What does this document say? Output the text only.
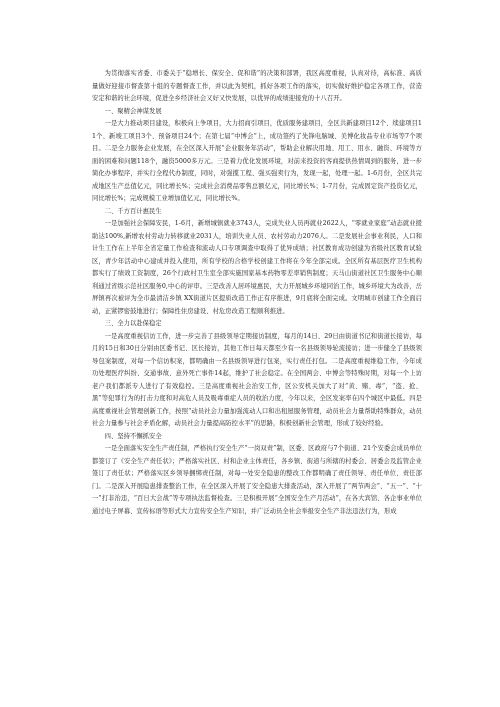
为贯彻落实省委、市委关于“稳增长、保安全、促和谐”的决策和部署，我区高度重视，认真对待，高标准、高质量做好迎接市督查第十组的专题督查工作，并以此为契机，抓好各项工作的落实，切实做好维护稳定各项工作，营造安定和谐的社会环境，促进全乡经济社会又好又快发展，以优异的成绩迎接党的十八召开。

一、聚精会神谋发展

一是大力推动项目建设，积极向上争项目，大力招商引项目，优质服务建项目，全区共新建项目12个、续建项目11个、新竣工项目3个、预备项目24个；在第七届“中博会”上，成功签约了先锋电脑城、美博化妆品专业市场等7个项目。二是全力服务企业发展，在全区深入开展“企业服务年活动”，帮助企业解决用地、用工、用水、融资、环境等方面的困难和问题118个，融资5000多万元。三是着力优化发展环境，对前来投资的客商提供热情周到的服务，进一步简化办事程序，并实行全程代办制度，同时，对强揽工程、强买强卖行为，发现一起，处理一起。1-6月份，全区共完成地区生产总值亿元，同比增长%；完成社会消费品零售总额亿元，同比增长%；1-7月份，完成固定资产投资亿元，同比增长%；完成规模工业增加值亿元，同比增长%。

二、千方百计惠民生

一是加强社会保障安民，1-6月，新增城镇就业3743人，完成失业人员再就业2622人，“零就业家庭”动态就业援助达100%,新增农村劳动力转移就业2031人，培训失业人员、农村劳动力2076人。二是发展社会事业利民，人口和计生工作在上半年全省定量工作检查和流动人口专项调查中取得了优异成绩；社区教育成功创建为省级社区教育试验区，青少年活动中心建成并投入使用，所有学校的合格学校创建工作将在今年全部完成。全区所有基层医疗卫生机构都实行了绩效工资制度，26个行政村卫生室全部实施国家基本药物零差率销售制度；天马山街道社区卫生服务中心顺利通过省级示范社区服务0,中心的评审。三是改善人居环境惠民，大力开展城乡环境同治工作，城乡环境大为改善，岳屏镇再次被评为全市最清洁乡镇 XX街道片区提质改造工作正有序推进，9月底将全面完成。文明城市创建工作全面启动，正紧锣密鼓地进行；保障性住房建设、村危房改造工程顺利推进。

三、全力以赴保稳定

一是高度重视信访工作，进一步完善了县级领导定期接访制度，每月的14日、29日由街道书记和街道长接访，每月的15日和30日分别由区委书记、区长接访，其他工作日每天都至少有一名县级领导轮流接访；进一步健全了县级领导包案制度，对每一个信访积案，都明确由一名县级领导进行包案，实行责任打包。二是高度重视维稳工作，今年成功处理医疗纠纷、交通事故、意外死亡事件14起，维护了社会稳定。在全国两会、中博会等特殊时期，对每一个上访老户我们都派专人进行了有效稳控。三是高度重视社会治安工作，区公安机关加大了对“黄、赌、毒”，“盗、抢、黑”等犯罪行为的打击力度和对高危人员及吸毒重症人员的收治力度，今年以来，全区发案率在四个城区中最低。四是高度重视社会管理创新工作，按照“动员社会力量加强流动人口和出租屋服务管理，动员社会力量帮助特殊群众，动员社会力量参与社会矛盾化解，动员社会力量提高防控水平”的思路，积极创新社会管理，形成了较好经验。

四、坚持不懈抓安全

一是全面落实安全生产责任制，严格执行安全生产“一岗双责”制，区委、区政府与7个街道、21个安委会成员单位都签订了《安全生产责任状》；严格落实社区、村和企业主体责任，各乡镇、街道与所辖的村委会、居委会及监管企业签订了责任状；严格落实区乡领导捆绑责任制，对每一处安全隐患的整改工作都明确了责任领导、责任单位、责任部门。二是深入开展隐患排查整治工作，在全区深入开展了安全隐患大排查活动，深入开展了“两节两会”、“五一”、“十一”打非治违，“百日大会战”等专项执法监督检查。三是积极开展“全国安全生产月活动”，在各大宾馆、各企事业单位通过电子屏幕、宣传标语等形式大力宣传安全生产知识，并广泛动员全社会举报安全生产非法违法行为，形成
